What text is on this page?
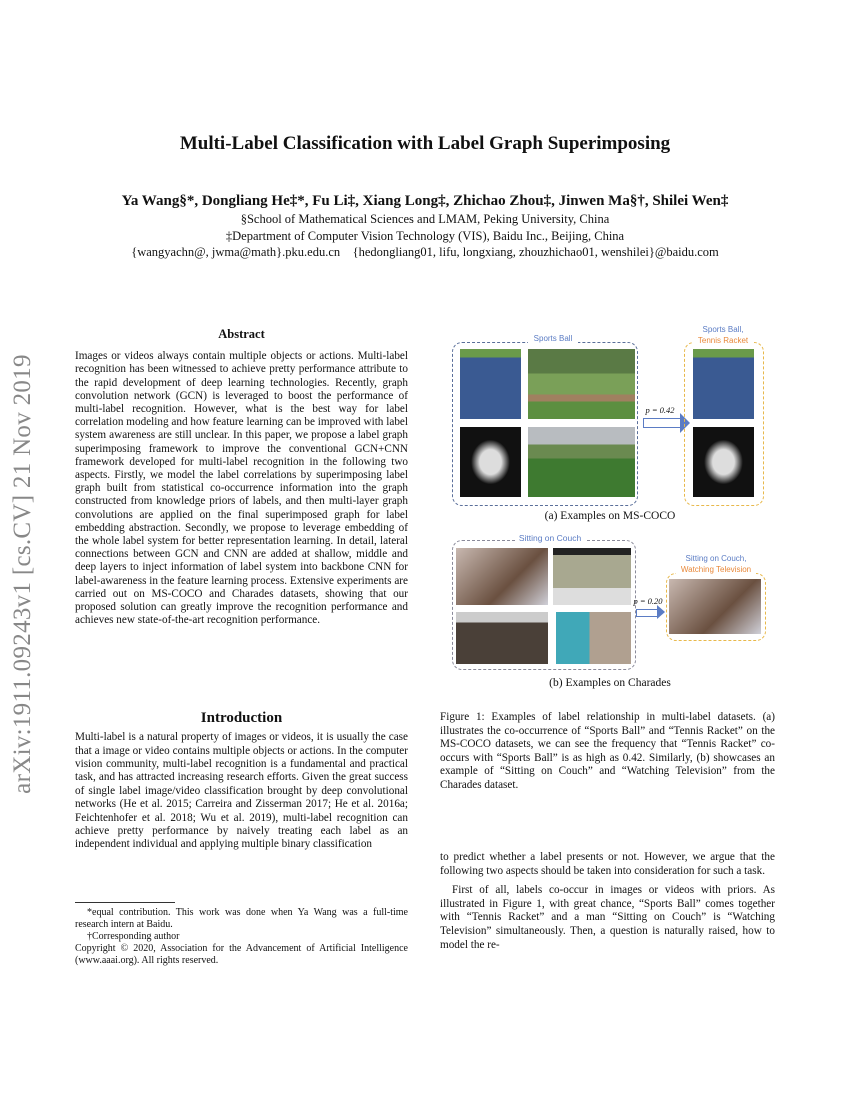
arXiv:1911.09243v1 [cs.CV] 21 Nov 2019
Multi-Label Classification with Label Graph Superimposing
Ya Wang§*, Dongliang He‡*, Fu Li‡, Xiang Long‡, Zhichao Zhou‡, Jinwen Ma§†, Shilei Wen‡
§School of Mathematical Sciences and LMAM, Peking University, China
‡Department of Computer Vision Technology (VIS), Baidu Inc., Beijing, China
{wangyachn@, jwma@math}.pku.edu.cn    {hedongliang01, lifu, longxiang, zhouzhichao01, wenshilei}@baidu.com
Abstract

Images or videos always contain multiple objects or actions. Multi-label recognition has been witnessed to achieve pretty performance attribute to the rapid development of deep learning technologies. Recently, graph convolution network (GCN) is leveraged to boost the performance of multi-label recognition. However, what is the best way for label correlation modeling and how feature learning can be improved with label system awareness are still unclear. In this paper, we propose a label graph superimposing framework to improve the conventional GCN+CNN framework developed for multi-label recognition in the following two aspects. Firstly, we model the label correlations by superimposing label graph built from statistical co-occurrence information into the graph constructed from knowledge priors of labels, and then multi-layer graph convolutions are applied on the final superimposed graph for label embedding abstraction. Secondly, we propose to leverage embedding of the whole label system for better representation learning. In detail, lateral connections between GCN and CNN are added at shallow, middle and deep layers to inject information of label system into backbone CNN for label-awareness in the feature learning process. Extensive experiments are carried out on MS-COCO and Charades datasets, showing that our proposed solution can greatly improve the recognition performance and achieves new state-of-the-art recognition performance.

Introduction

Multi-label is a natural property of images or videos, it is usually the case that a image or video contains multiple objects or actions. In the computer vision community, multi-label recognition is a fundamental and practical task, and has attracted increasing research efforts. Given the great success of single label image/video classification brought by deep convolutional networks (He et al. 2015; Carreira and Zisserman 2017; He et al. 2016a; Feichtenhofer et al. 2018; Wu et al. 2019), multi-label recognition can achieve pretty performance by naively treating each label as an independent individual and applying multiple binary classification

*equal contribution. This work was done when Ya Wang was a full-time research intern at Baidu.

†Corresponding author

Copyright © 2020, Association for the Advancement of Artificial Intelligence (www.aaai.org). All rights reserved.

Sports Ball
p = 0.42
Sports Ball,
Tennis Racket
(a) Examples on MS-COCO
Sitting on Couch
p = 0.20
Sitting on Couch,
Watching Television
(b) Examples on Charades
Figure 1: Examples of label relationship in multi-label datasets. (a) illustrates the co-occurrence of “Sports Ball” and “Tennis Racket” on the MS-COCO datasets, we can see the frequency that “Tennis Racket” co-occurs with “Sports Ball” is as high as 0.42. Similarly, (b) showcases an example of “Sitting on Couch” and “Watching Television” from the Charades dataset.

to predict whether a label presents or not. However, we argue that the following two aspects should be taken into consideration for such a task.

First of all, labels co-occur in images or videos with priors. As illustrated in Figure 1, with great chance, “Sports Ball” comes together with “Tennis Racket” and a man “Sitting on Couch” is “Watching Television” simultaneously. Then, a question is naturally raised, how to model the re-
